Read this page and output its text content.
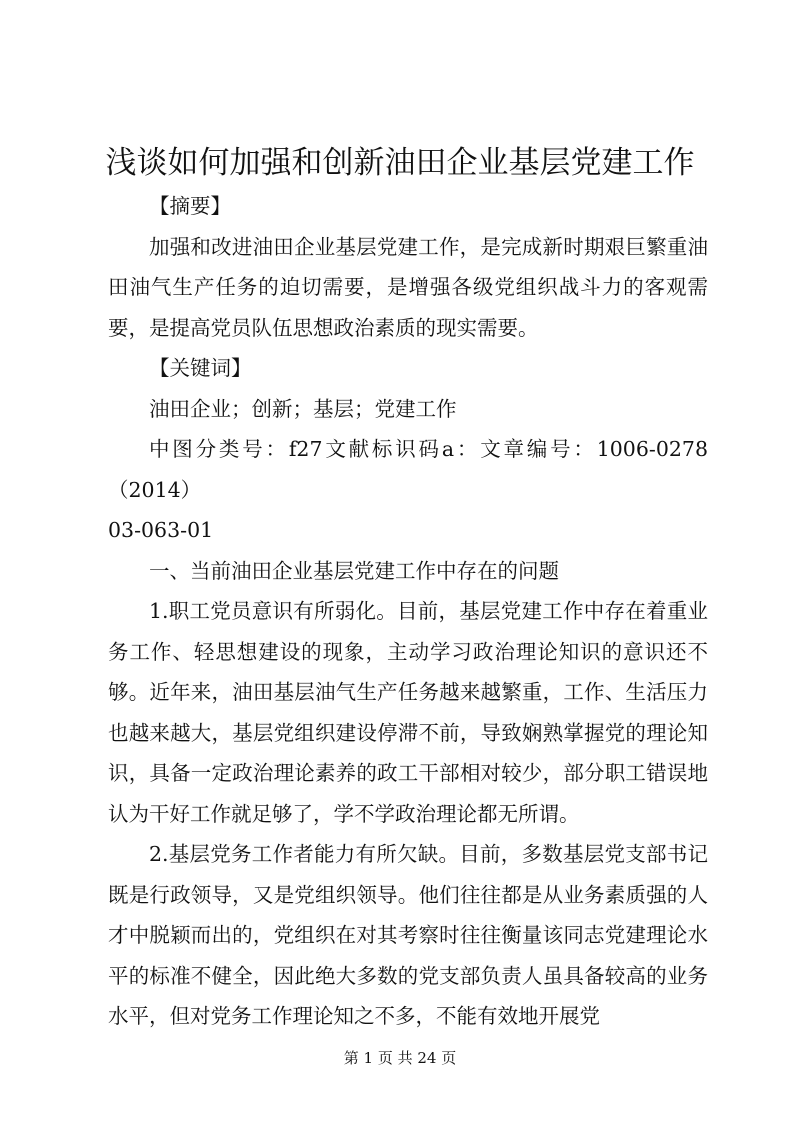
浅谈如何加强和创新油田企业基层党建工作

【摘要】

加强和改进油田企业基层党建工作，是完成新时期艰巨繁重油田油气生产任务的迫切需要，是增强各级党组织战斗力的客观需要，是提高党员队伍思想政治素质的现实需要。

【关键词】

油田企业；创新；基层；党建工作

中图分类号：f27文献标识码a：文章编号：1006-0278（2014）

03-063-01

一、当前油田企业基层党建工作中存在的问题

1.职工党员意识有所弱化。目前，基层党建工作中存在着重业务工作、轻思想建设的现象，主动学习政治理论知识的意识还不够。近年来，油田基层油气生产任务越来越繁重，工作、生活压力也越来越大，基层党组织建设停滞不前，导致娴熟掌握党的理论知识，具备一定政治理论素养的政工干部相对较少，部分职工错误地认为干好工作就足够了，学不学政治理论都无所谓。

2.基层党务工作者能力有所欠缺。目前，多数基层党支部书记既是行政领导，又是党组织领导。他们往往都是从业务素质强的人才中脱颖而出的，党组织在对其考察时往往衡量该同志党建理论水平的标准不健全，因此绝大多数的党支部负责人虽具备较高的业务水平，但对党务工作理论知之不多，不能有效地开展党

第 1 页 共 24 页
